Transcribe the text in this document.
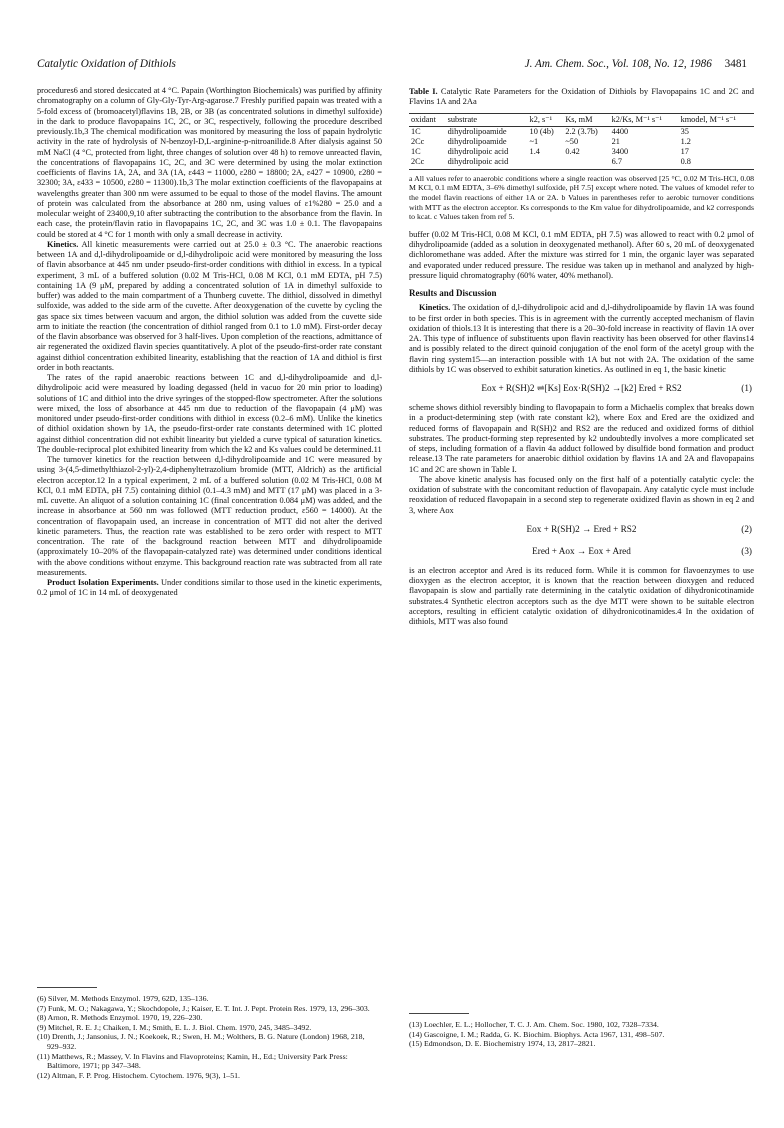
Catalytic Oxidation of Dithiols	J. Am. Chem. Soc., Vol. 108, No. 12, 1986 3481

procedures6 and stored desiccated at 4 °C. Papain (Worthington Biochemicals) was purified by affinity chromatography on a column of Gly-Gly-Tyr-Arg-agarose.7 Freshly purified papain was treated with a 5-fold excess of (bromoacetyl)flavins 1B, 2B, or 3B (as concentrated solutions in dimethyl sulfoxide) in the dark to produce flavopapains 1C, 2C, or 3C, respectively, following the procedure described previously.1b,3 The chemical modification was monitored by measuring the loss of papain hydrolytic activity in the rate of hydrolysis of N-benzoyl-D,L-arginine-p-nitroanilide.8 After dialysis against 50 mM NaCl (4 °C, protected from light, three changes of solution over 48 h) to remove unreacted flavin, the concentrations of flavopapains 1C, 2C, and 3C were determined by using the molar extinction coefficients of flavins 1A, 2A, and 3A (1A, ε443 = 11000, ε280 = 18800; 2A, ε427 = 10900, ε280 = 32300; 3A, ε433 = 10500, ε280 = 11300).1b,3 The molar extinction coefficients of the flavopapains at wavelengths greater than 300 nm were assumed to be equal to those of the model flavins. The amount of protein was calculated from the absorbance at 280 nm, using values of ε1%280 = 25.0 and a molecular weight of 23400,9,10 after subtracting the contribution to the absorbance from the flavin. In each case, the protein/flavin ratio in flavopapains 1C, 2C, and 3C was 1.0 ± 0.1. The flavopapains could be stored at 4 °C for 1 month with only a small decrease in activity.

Kinetics. All kinetic measurements were carried out at 25.0 ± 0.3 °C. The anaerobic reactions between 1A and d,l-dihydrolipoamide or d,l-dihydrolipoic acid were monitored by measuring the loss of flavin absorbance at 445 nm under pseudo-first-order conditions with dithiol in excess. In a typical experiment, 3 mL of a buffered solution (0.02 M Tris-HCl, 0.08 M KCl, 0.1 mM EDTA, pH 7.5) containing 1A (9 μM, prepared by adding a concentrated solution of 1A in dimethyl sulfoxide to buffer) was added to the main compartment of a Thunberg cuvette. The dithiol, dissolved in dimethyl sulfoxide, was added to the side arm of the cuvette. After deoxygenation of the cuvette by cycling the gas space six times between vacuum and argon, the dithiol solution was added from the cuvette side arm to initiate the reaction (the concentration of dithiol ranged from 0.1 to 1.0 mM). First-order decay of the flavin absorbance was observed for 3 half-lives. Upon completion of the reactions, admittance of air regenerated the oxidized flavin species quantitatively. A plot of the pseudo-first-order rate constant against dithiol concentration exhibited linearity, establishing that the reaction of 1A and dithiol is first order in both reactants.

The rates of the rapid anaerobic reactions between 1C and d,l-dihydrolipoamide and d,l-dihydrolipoic acid were measured by loading degassed (held in vacuo for 20 min prior to loading) solutions of 1C and dithiol into the drive syringes of the stopped-flow spectrometer. After the solutions were mixed, the loss of absorbance at 445 nm due to reduction of the flavopapain (4 μM) was monitored under pseudo-first-order conditions with dithiol in excess (0.2–6 mM). Unlike the kinetics of dithiol oxidation shown by 1A, the pseudo-first-order rate constants determined with 1C plotted against dithiol concentration did not exhibit linearity but yielded a curve typical of saturation kinetics. The double-reciprocal plot exhibited linearity from which the k2 and Ks values could be determined.11

The turnover kinetics for the reaction between d,l-dihydrolipoamide and 1C were measured by using 3-(4,5-dimethylthiazol-2-yl)-2,4-diphenyltetrazolium bromide (MTT, Aldrich) as the artificial electron acceptor.12 In a typical experiment, 2 mL of a buffered solution (0.02 M Tris-HCl, 0.08 M KCl, 0.1 mM EDTA, pH 7.5) containing dithiol (0.1–4.3 mM) and MTT (17 μM) was placed in a 3-mL cuvette. An aliquot of a solution containing 1C (final concentration 0.084 μM) was added, and the increase in absorbance at 560 nm was followed (MTT reduction product, ε560 = 14000). At the concentration of flavopapain used, an increase in concentration of MTT did not alter the derived kinetic parameters. Thus, the reaction rate was established to be zero order with respect to MTT concentration. The rate of the background reaction between MTT and dihydrolipoamide (approximately 10–20% of the flavopapain-catalyzed rate) was determined under conditions identical with the above conditions without enzyme. This background reaction rate was subtracted from all rate measurements.

Product Isolation Experiments. Under conditions similar to those used in the kinetic experiments, 0.2 μmol of 1C in 14 mL of deoxygenated

(6) Silver, M. Methods Enzymol. 1979, 62D, 135–136.
(7) Funk, M. O.; Nakagawa, Y.; Skochdopole, J.; Kaiser, E. T. Int. J. Pept. Protein Res. 1979, 13, 296–303.
(8) Arnon, R. Methods Enzymol. 1970, 19, 226–230.
(9) Mitchel, R. E. J.; Chaiken, I. M.; Smith, E. L. J. Biol. Chem. 1970, 245, 3485–3492.
(10) Drenth, J.; Jansonius, J. N.; Koekoek, R.; Swen, H. M.; Wolthers, B. G. Nature (London) 1968, 218, 929–932.
(11) Matthews, R.; Massey, V. In Flavins and Flavoproteins; Kamin, H., Ed.; University Park Press: Baltimore, 1971; pp 347–348.
(12) Altman, F. P. Prog. Histochem. Cytochem. 1976, 9(3), 1–51.
Table I. Catalytic Rate Parameters for the Oxidation of Dithiols by Flavopapains 1C and 2C and Flavins 1A and 2Aa
oxidant	substrate	k2, s⁻¹	Ks, mM	k2/Ks, M⁻¹ s⁻¹	kmodel, M⁻¹ s⁻¹
1C	dihydrolipoamide	10 (4b)	2.2 (3.7b)	4400	35
2Cc	dihydrolipoamide	~1	~50	21	1.2
1C	dihydrolipoic acid	1.4	0.42	3400	17
2Cc	dihydrolipoic acid			6.7	0.8
a All values refer to anaerobic conditions where a single reaction was observed [25 °C, 0.02 M Tris-HCl, 0.08 M KCl, 0.1 mM EDTA, 3–6% dimethyl sulfoxide, pH 7.5] except where noted. The values of kmodel refer to the model flavin reactions of either 1A or 2A. b Values in parentheses refer to aerobic turnover conditions with MTT as the electron acceptor. Ks corresponds to the Km value for dihydrolipoamide, and k2 corresponds to kcat. c Values taken from ref 5.

buffer (0.02 M Tris-HCl, 0.08 M KCl, 0.1 mM EDTA, pH 7.5) was allowed to react with 0.2 μmol of dihydrolipoamide (added as a solution in deoxygenated methanol). After 60 s, 20 mL of deoxygenated dichloromethane was added. After the mixture was stirred for 1 min, the organic layer was separated and evaporated under reduced pressure. The residue was taken up in methanol and analyzed by high-pressure liquid chromatography (60% water, 40% methanol).

Results and Discussion

Kinetics. The oxidation of d,l-dihydrolipoic acid and d,l-dihydrolipoamide by flavin 1A was found to be first order in both species. This is in agreement with the currently accepted mechanism of flavin oxidation of thiols.13 It is interesting that there is a 20–30-fold increase in reactivity of flavin 1A over 2A. This type of influence of substituents upon flavin reactivity has been observed for other flavins14 and is possibly related to the direct quinoid conjugation of the enol form of the acetyl group with the flavin ring system15—an interaction possible with 1A but not with 2A. The oxidation of the same dithiols by 1C was observed to exhibit saturation kinetics. As outlined in eq 1, the basic kinetic

Eox + R(SH)2 ⇌[Ks] Eox·R(SH)2 →[k2] Ered + RS2	(1)

scheme shows dithiol reversibly binding to flavopapain to form a Michaelis complex that breaks down in a product-determining step (with rate constant k2), where Eox and Ered are the oxidized and reduced forms of flavopapain and R(SH)2 and RS2 are the reduced and oxidized forms of dithiol substrates. The product-forming step represented by k2 undoubtedly involves a more complicated set of steps, including formation of a flavin 4a adduct followed by disulfide bond formation and product release.13 The rate parameters for anaerobic dithiol oxidation by flavins 1A and 2A and flavopapains 1C and 2C are shown in Table I.

The above kinetic analysis has focused only on the first half of a potentially catalytic cycle: the oxidation of substrate with the concomitant reduction of flavopapain. Any catalytic cycle must include reoxidation of reduced flavopapain in a second step to regenerate oxidized flavin as shown in eq 2 and 3, where Aox

Eox + R(SH)2 → Ered + RS2	(2)
Ered + Aox → Eox + Ared	(3)

is an electron acceptor and Ared is its reduced form. While it is common for flavoenzymes to use dioxygen as the electron acceptor, it is known that the reaction between dioxygen and reduced flavopapain is slow and partially rate determining in the catalytic oxidation of dihydronicotinamide substrates.4 Synthetic electron acceptors such as the dye MTT were shown to be suitable electron acceptors, resulting in efficient catalytic oxidation of dihydronicotinamides.4 In the oxidation of dithiols, MTT was also found

(13) Loechler, E. L.; Hollocher, T. C. J. Am. Chem. Soc. 1980, 102, 7328–7334.
(14) Gascoigne, I. M.; Radda, G. K. Biochim. Biophys. Acta 1967, 131, 498–507.
(15) Edmondson, D. E. Biochemistry 1974, 13, 2817–2821.
